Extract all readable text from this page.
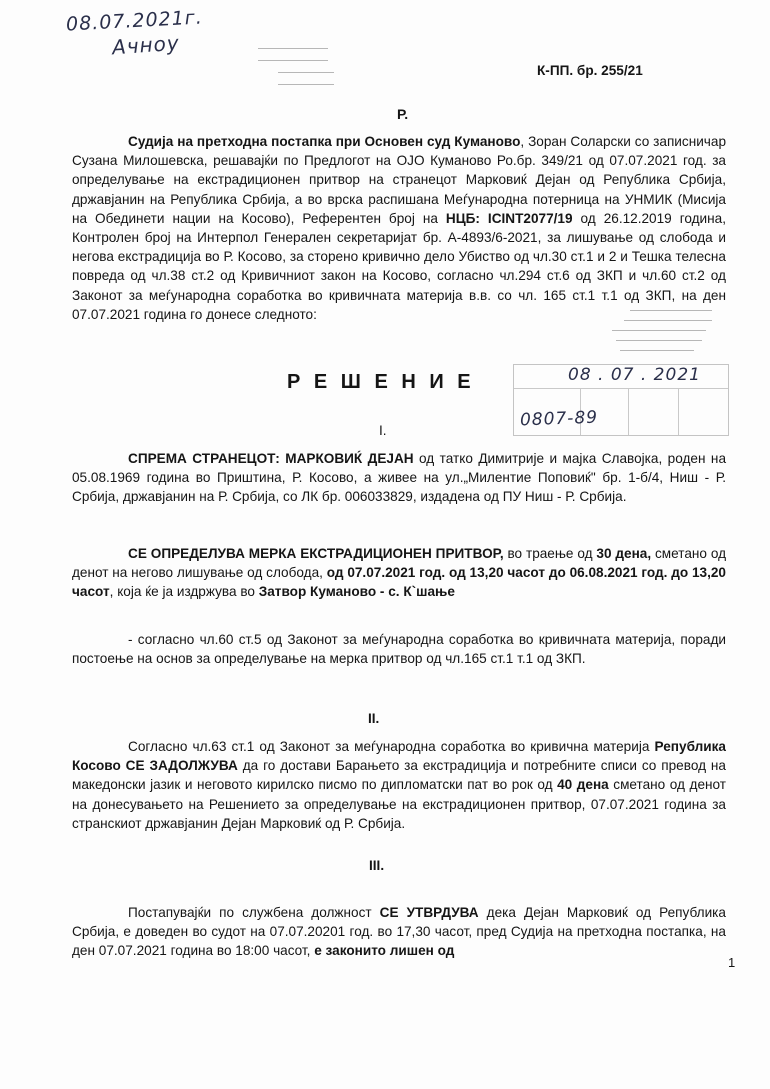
08.07.2021г.
Ачноу
К-ПП. бр. 255/21
Р.

Судија на претходна постапка при Основен суд Куманово, Зоран Соларски со записничар Сузана Милошевска, решавајќи по Предлогот на ОЈО Куманово Ро.бр. 349/21 од 07.07.2021 год. за определување на екстрадиционен притвор на странецот Марковиќ Дејан од Република Србија, државјанин на Република Србија, а во врска распишана Меѓународна потерница на УНМИК (Мисија на Обединети нации на Косово), Референтен број на НЦБ: ICINT2077/19 од 26.12.2019 година, Контролен број на Интерпол Генерален секретаријат бр. А-4893/6-2021, за лишување од слобода и негова екстрадиција во Р. Косово, за сторено кривично дело Убиство од чл.30 ст.1 и 2 и Тешка телесна повреда од чл.38 ст.2 од Кривичниот закон на Косово, согласно чл.294 ст.6 од ЗКП и чл.60 ст.2 од Законот за меѓународна соработка во кривичната материја в.в. со чл. 165 ст.1 т.1 од ЗКП, на ден 07.07.2021 година го донесе следното:

Р Е Ш Е Н И Е	08 . 07 . 2021
0807-89
I.

СПРЕМА СТРАНЕЦОТ: МАРКОВИЌ ДЕЈАН од татко Димитрије и мајка Славојка, роден на 05.08.1969 година во Приштина, Р. Косово, а живее на ул.„Милентие Поповиќ" бр. 1-б/4, Ниш - Р. Србија, државјанин на Р. Србија, со ЛК бр. 006033829, издадена од ПУ Ниш - Р. Србија.

СЕ ОПРЕДЕЛУВА МЕРКА ЕКСТРАДИЦИОНЕН ПРИТВОР, во траење од 30 дена, сметано од денот на негово лишување од слобода, од 07.07.2021 год. од 13,20 часот до 06.08.2021 год. до 13,20 часот, која ќе ја издржува во Затвор Куманово - с. К`шање

- согласно чл.60 ст.5 од Законот за меѓународна соработка во кривичната материја, поради постоење на основ за определување на мерка притвор од чл.165 ст.1 т.1 од ЗКП.

II.

Согласно чл.63 ст.1 од Законот за меѓународна соработка во кривична материја Република Косово СЕ ЗАДОЛЖУВА да го достави Барањето за екстрадиција и потребните списи со превод на македонски јазик и неговото кирилско писмо по дипломатски пат во рок од 40 дена сметано од денот на донесувањето на Решението за определување на екстрадиционен притвор, 07.07.2021 година за странскиот државјанин Дејан Марковиќ од Р. Србија.

III.

Постапувајќи по службена должност СЕ УТВРДУВА дека Дејан Марковиќ од Република Србија, е доведен во судот на 07.07.20201 год. во 17,30 часот, пред Судија на претходна постапка, на ден 07.07.2021 година во 18:00 часот, е законито лишен од

1
